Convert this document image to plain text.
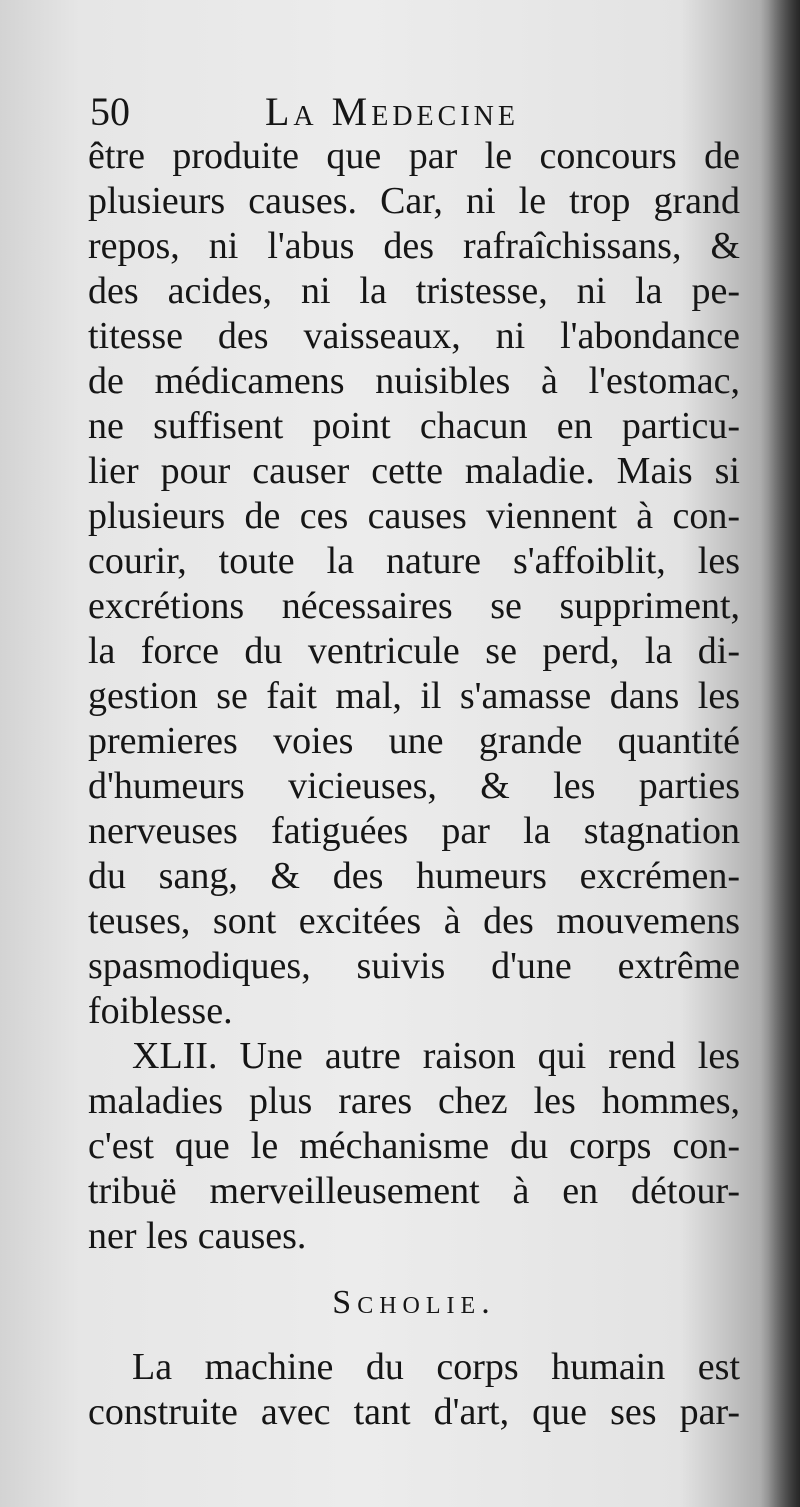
50	La Medecine
être produite que par le concours de
plusieurs causes. Car, ni le trop grand
repos, ni l'abus des rafraîchissans, &
des acides, ni la tristesse, ni la pe-
titesse des vaisseaux, ni l'abondance
de médicamens nuisibles à l'estomac,
ne suffisent point chacun en particu-
lier pour causer cette maladie. Mais si
plusieurs de ces causes viennent à con-
courir, toute la nature s'affoiblit, les
excrétions nécessaires se suppriment,
la force du ventricule se perd, la di-
gestion se fait mal, il s'amasse dans les
premieres voies une grande quantité
d'humeurs vicieuses, & les parties
nerveuses fatiguées par la stagnation
du sang, & des humeurs excrémen-
teuses, sont excitées à des mouvemens
spasmodiques, suivis d'une extrême
foiblesse.
XLII. Une autre raison qui rend les
maladies plus rares chez les hommes,
c'est que le méchanisme du corps con-
tribuë merveilleusement à en détour-
ner les causes.
Scholie.
La machine du corps humain est
construite avec tant d'art, que ses par-
